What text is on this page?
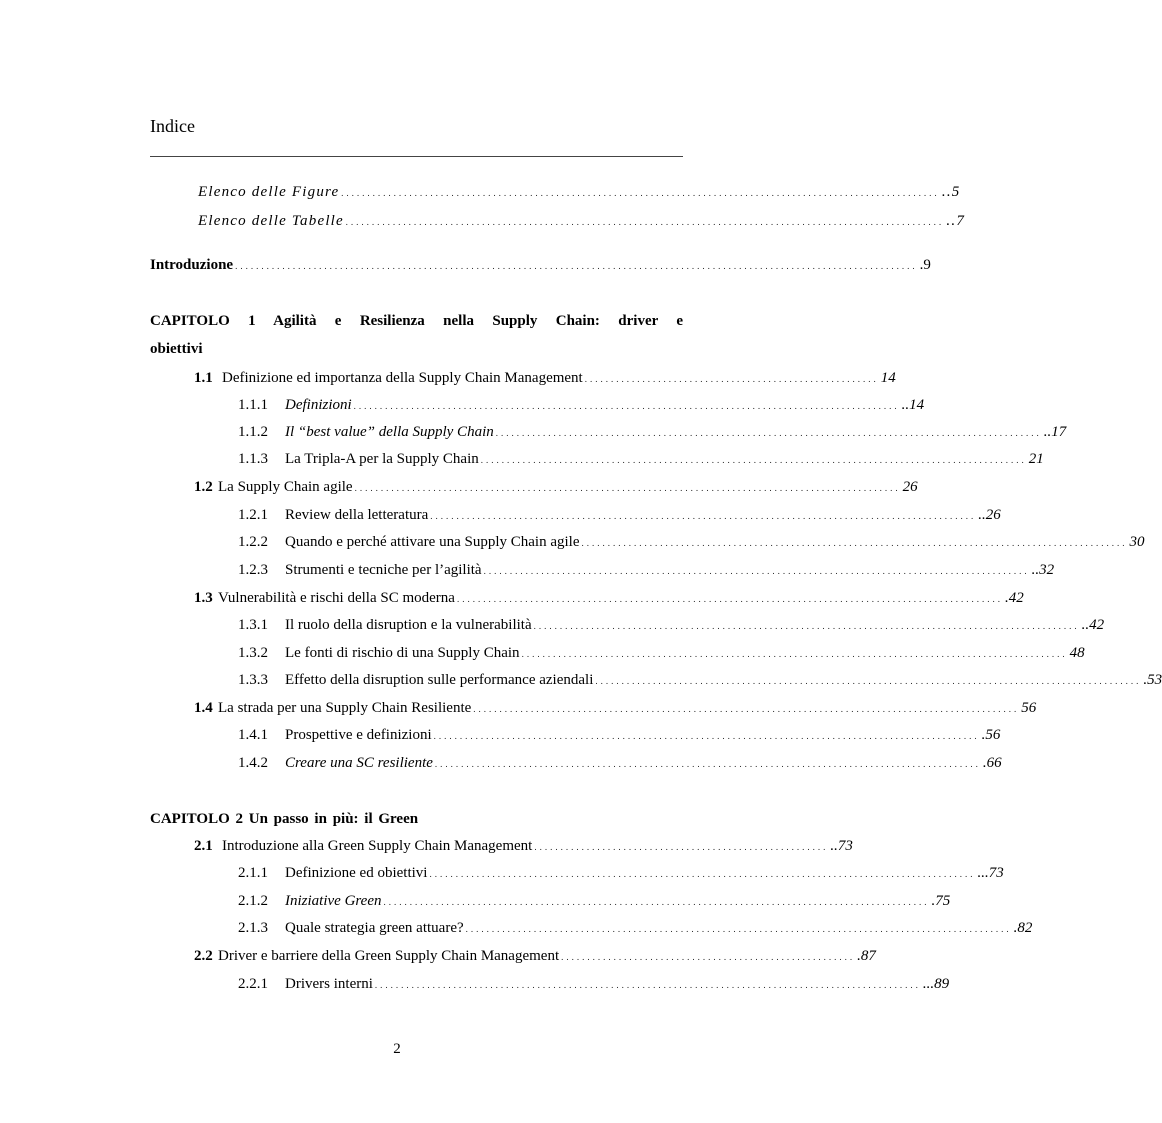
Indice
Elenco delle Figure .................................................................................................................. ..5
Elenco delle Tabelle .................................................................................................................. ..7
Introduzione .................................................................................................................................. .9
CAPITOLO 1 Agilità e Resilienza nella Supply Chain: driver e
obiettivi
1.1 Definizione ed importanza della Supply Chain Management ........................................................ 14
1.1.1	Definizioni ........................................................................................................ ..14
1.1.2	Il “best value” della Supply Chain ........................................................................................................ ..17
1.1.3	La Tripla-A per la Supply Chain ........................................................................................................ 21
1.2 La Supply Chain agile ........................................................................................................ 26
1.2.1	Review della letteratura ........................................................................................................ ..26
1.2.2	Quando e perché attivare una Supply Chain agile ........................................................................................................ 30
1.2.3	Strumenti e tecniche per l’agilità ........................................................................................................ ..32
1.3 Vulnerabilità e rischi della SC moderna ........................................................................................................ .42
1.3.1	Il ruolo della disruption e la vulnerabilità ........................................................................................................ ..42
1.3.2	Le fonti di rischio di una Supply Chain ........................................................................................................ 48
1.3.3	Effetto della disruption sulle performance aziendali ........................................................................................................ .53
1.4 La strada per una Supply Chain Resiliente ........................................................................................................ 56
1.4.1	Prospettive e definizioni ........................................................................................................ .56
1.4.2	Creare una SC resiliente ........................................................................................................ .66
CAPITOLO 2 Un passo in più: il Green
2.1 Introduzione alla Green Supply Chain Management ........................................................ ..73
2.1.1	Definizione ed obiettivi ........................................................................................................ ...73
2.1.2	Iniziative Green ........................................................................................................ .75
2.1.3	Quale strategia green attuare? ........................................................................................................ .82
2.2 Driver e barriere della Green Supply Chain Management ........................................................ .87
2.2.1	Drivers interni ........................................................................................................ ...89
2
